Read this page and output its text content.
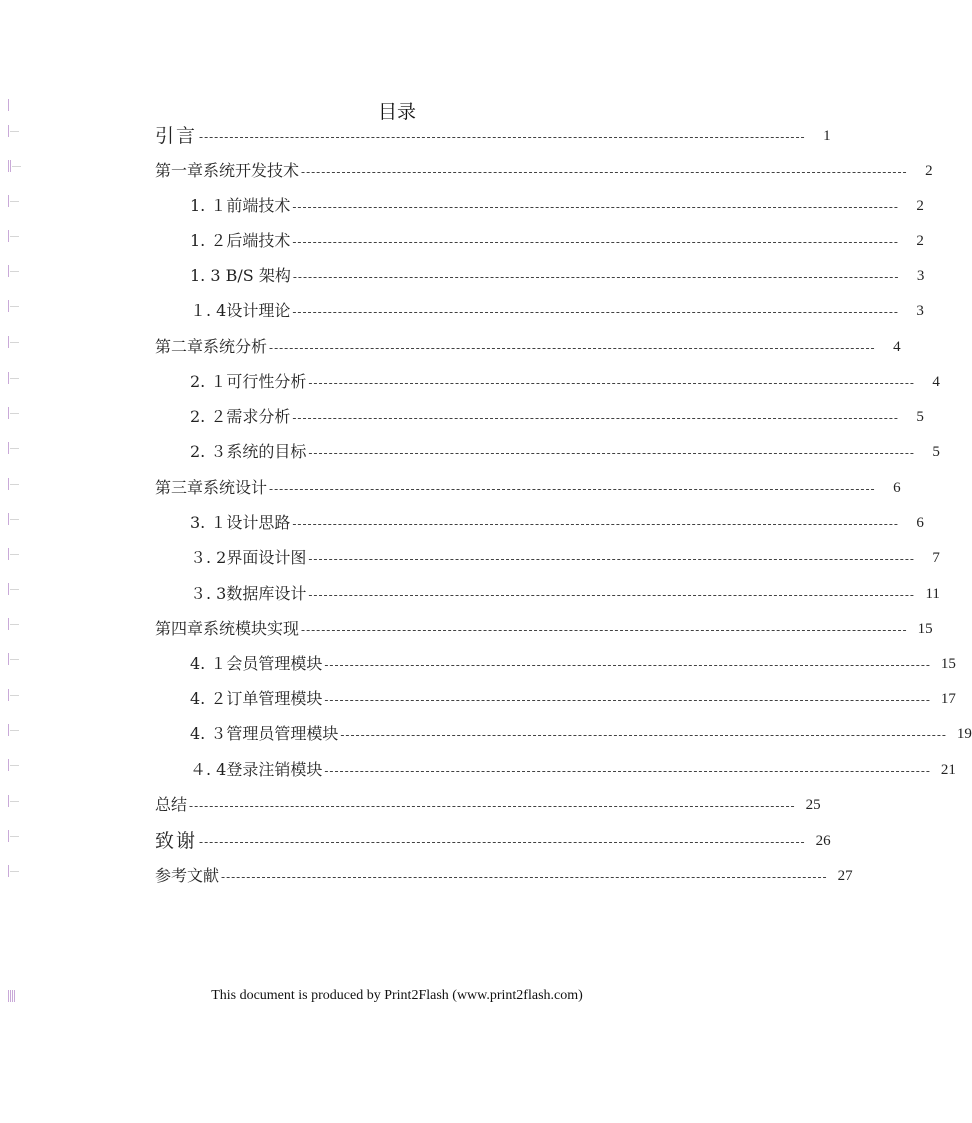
目录
引言 ------------------------------------------------------------------------------------------------------------------------	1
第一章系统开发技术 ------------------------------------------------------------------------------------------------------------------------	2
1. １前端技术 ------------------------------------------------------------------------------------------------------------------------	2
1. ２后端技术 ------------------------------------------------------------------------------------------------------------------------	2
1. 3 B/S 架构 ------------------------------------------------------------------------------------------------------------------------	3
１. 4设计理论 ------------------------------------------------------------------------------------------------------------------------	3
第二章系统分析 ------------------------------------------------------------------------------------------------------------------------	4
2. １可行性分析 ------------------------------------------------------------------------------------------------------------------------	4
2. ２需求分析 ------------------------------------------------------------------------------------------------------------------------	5
2. ３系统的目标 ------------------------------------------------------------------------------------------------------------------------	5
第三章系统设计 ------------------------------------------------------------------------------------------------------------------------	6
3. １设计思路 ------------------------------------------------------------------------------------------------------------------------	6
３. 2界面设计图 ------------------------------------------------------------------------------------------------------------------------	7
３. 3数据库设计 ------------------------------------------------------------------------------------------------------------------------ 11
第四章系统模块实现 ------------------------------------------------------------------------------------------------------------------------ 15
4. １会员管理模块 ------------------------------------------------------------------------------------------------------------------------ 15
4. ２订单管理模块 ------------------------------------------------------------------------------------------------------------------------ 17
4. ３管理员管理模块 ------------------------------------------------------------------------------------------------------------------------ 19
４. 4登录注销模块 ------------------------------------------------------------------------------------------------------------------------ 21
总结 ------------------------------------------------------------------------------------------------------------------------ 25
致谢 ------------------------------------------------------------------------------------------------------------------------ 26
参考文献 ------------------------------------------------------------------------------------------------------------------------ 27
This document is produced by Print2Flash (www.print2flash.com)
